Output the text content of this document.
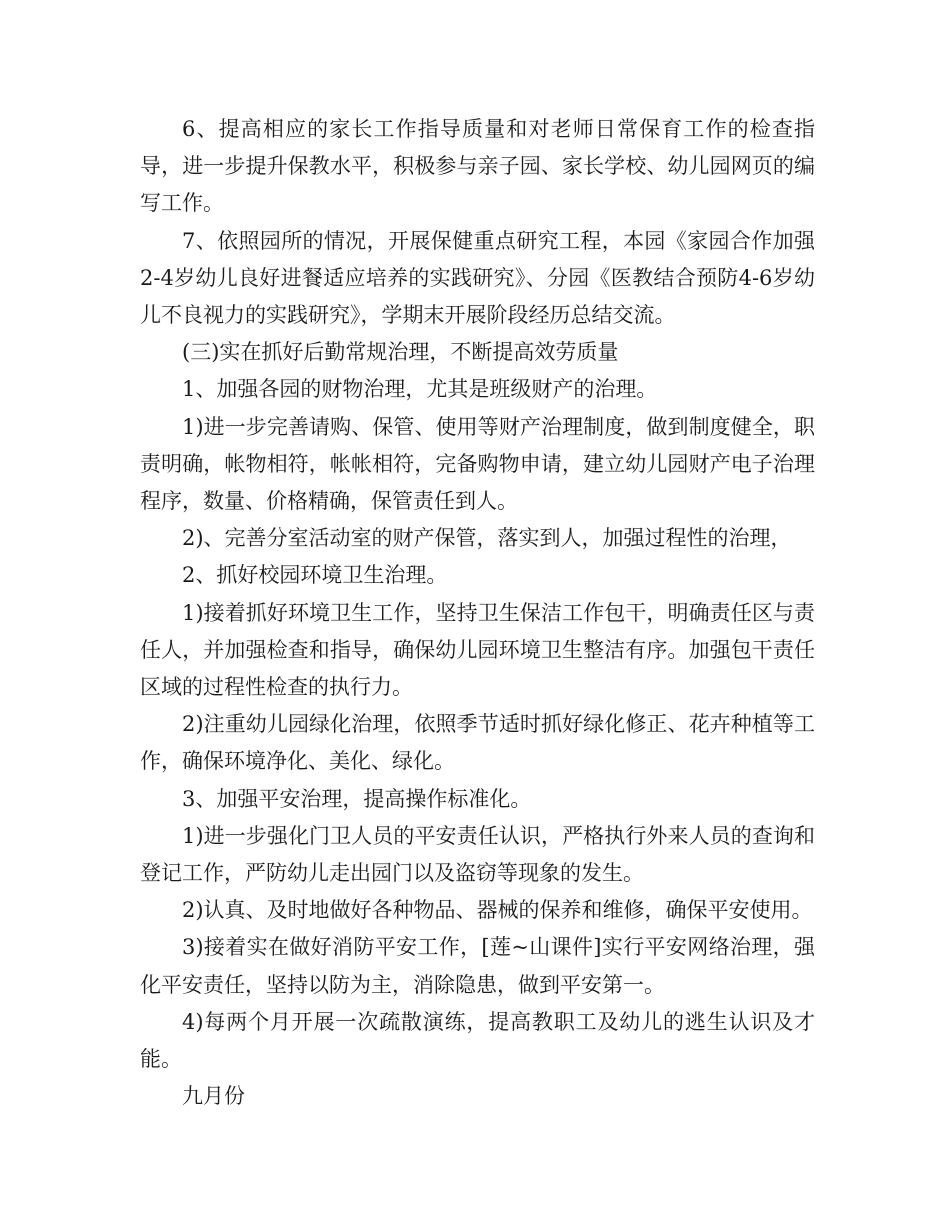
6、提高相应的家长工作指导质量和对老师日常保育工作的检查指导，进一步提升保教水平，积极参与亲子园、家长学校、幼儿园网页的编写工作。

7、依照园所的情况，开展保健重点研究工程，本园《家园合作加强2-4岁幼儿良好进餐适应培养的实践研究》、分园《医教结合预防4-6岁幼儿不良视力的实践研究》，学期末开展阶段经历总结交流。

(三)实在抓好后勤常规治理，不断提高效劳质量

1、加强各园的财物治理，尤其是班级财产的治理。

1)进一步完善请购、保管、使用等财产治理制度，做到制度健全，职责明确，帐物相符，帐帐相符，完备购物申请，建立幼儿园财产电子治理程序，数量、价格精确，保管责任到人。

2)、完善分室活动室的财产保管，落实到人，加强过程性的治理，

2、抓好校园环境卫生治理。

1)接着抓好环境卫生工作，坚持卫生保洁工作包干，明确责任区与责任人，并加强检查和指导，确保幼儿园环境卫生整洁有序。加强包干责任区域的过程性检查的执行力。

2)注重幼儿园绿化治理，依照季节适时抓好绿化修正、花卉种植等工作，确保环境净化、美化、绿化。

3、加强平安治理，提高操作标准化。

1)进一步强化门卫人员的平安责任认识，严格执行外来人员的查询和登记工作，严防幼儿走出园门以及盗窃等现象的发生。

2)认真、及时地做好各种物品、器械的保养和维修，确保平安使用。

3)接着实在做好消防平安工作，[莲~山课件]实行平安网络治理，强化平安责任，坚持以防为主，消除隐患，做到平安第一。

4)每两个月开展一次疏散演练，提高教职工及幼儿的逃生认识及才能。

九月份
